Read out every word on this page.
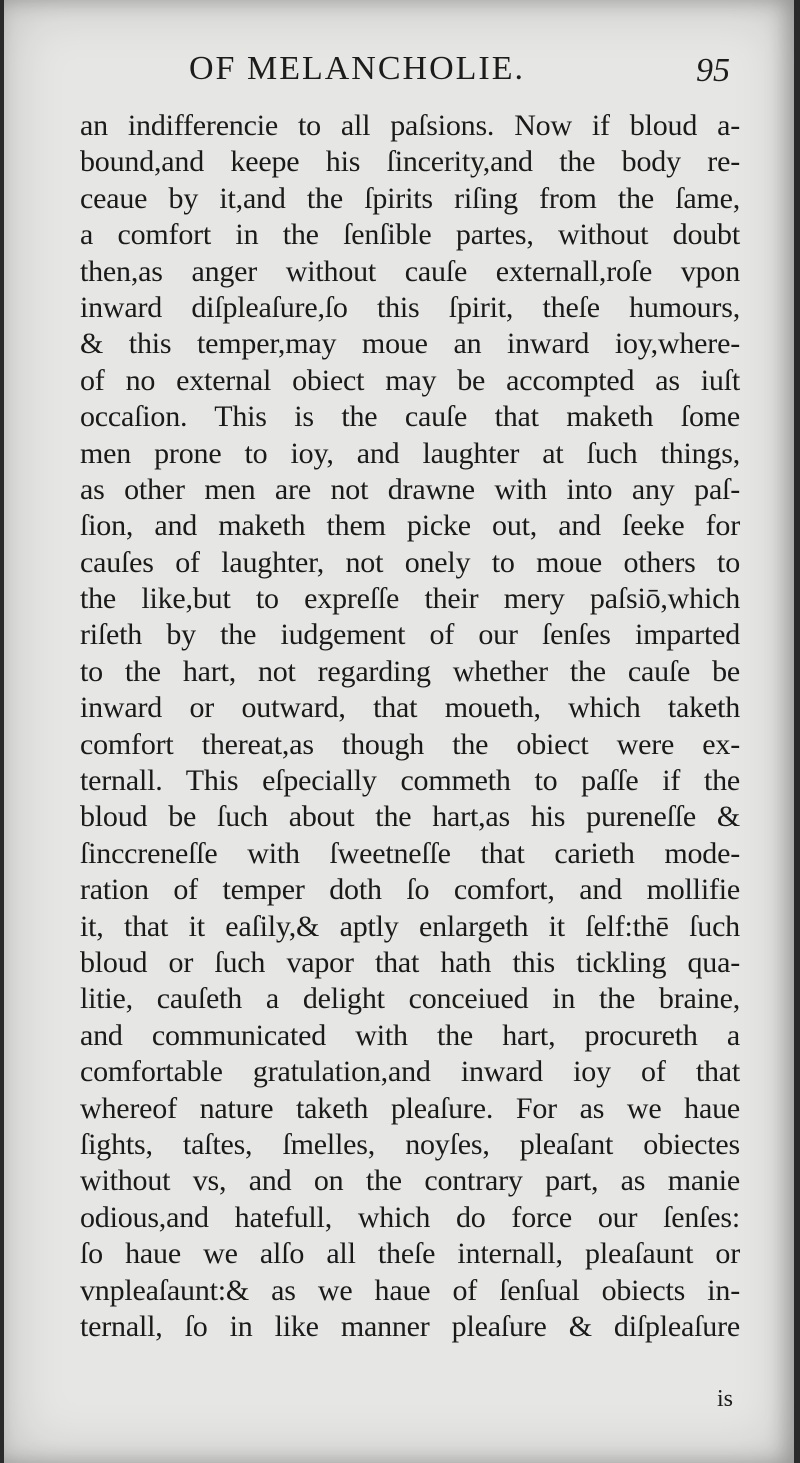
OF MELANCHOLIE.	95
an indifferencie to all paſsions. Now if bloud a-
bound,and keepe his ſincerity,and the body re-
ceaue by it,and the ſpirits riſing from the ſame,
a comfort in the ſenſible partes, without doubt
then,as anger without cauſe externall,roſe vpon
inward diſpleaſure,ſo this ſpirit, theſe humours,
& this temper,may moue an inward ioy,where-
of no external obiect may be accompted as iuſt
occaſion. This is the cauſe that maketh ſome
men prone to ioy, and laughter at ſuch things,
as other men are not drawne with into any paſ-
ſion, and maketh them picke out, and ſeeke for
cauſes of laughter, not onely to moue others to
the like,but to expreſſe their mery paſsiō,which
riſeth by the iudgement of our ſenſes imparted
to the hart, not regarding whether the cauſe be
inward or outward, that moueth, which taketh
comfort thereat,as though the obiect were ex-
ternall. This eſpecially commeth to paſſe if the
bloud be ſuch about the hart,as his pureneſſe &
ſinccreneſſe with ſweetneſſe that carieth mode-
ration of temper doth ſo comfort, and mollifie
it, that it eaſily,& aptly enlargeth it ſelf:thē ſuch
bloud or ſuch vapor that hath this tickling qua-
litie, cauſeth a delight conceiued in the braine,
and communicated with the hart, procureth a
comfortable gratulation,and inward ioy of that
whereof nature taketh pleaſure. For as we haue
ſights, taſtes, ſmelles, noyſes, pleaſant obiectes
without vs, and on the contrary part, as manie
odious,and hatefull, which do force our ſenſes:
ſo haue we alſo all theſe internall, pleaſaunt or
vnpleaſaunt:& as we haue of ſenſual obiects in-
ternall, ſo in like manner pleaſure & diſpleaſure
is
